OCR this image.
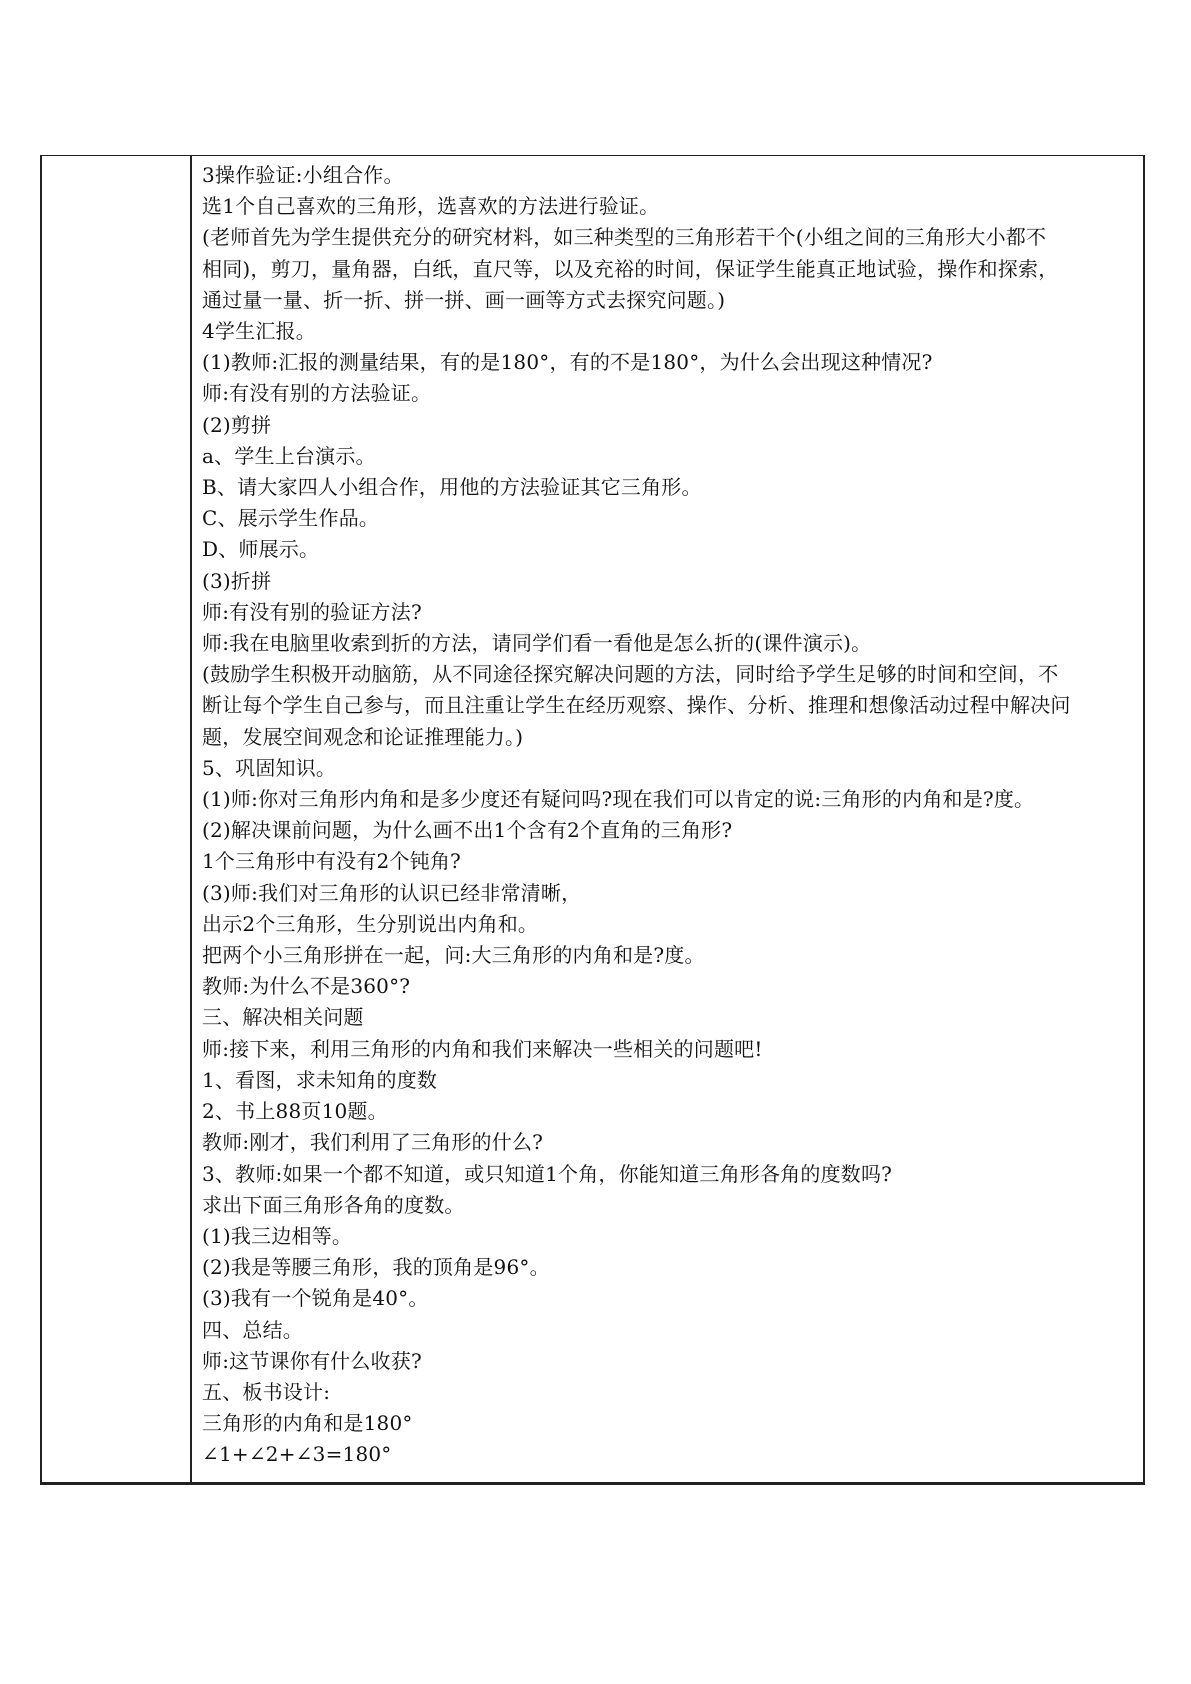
3操作验证:小组合作。
选1个自己喜欢的三角形，选喜欢的方法进行验证。
(老师首先为学生提供充分的研究材料，如三种类型的三角形若干个(小组之间的三角形大小都不
相同)，剪刀，量角器，白纸，直尺等，以及充裕的时间，保证学生能真正地试验，操作和探索，
通过量一量、折一折、拼一拼、画一画等方式去探究问题。)
4学生汇报。
(1)教师:汇报的测量结果，有的是180°，有的不是180°，为什么会出现这种情况?
师:有没有别的方法验证。
(2)剪拼
a、学生上台演示。
B、请大家四人小组合作，用他的方法验证其它三角形。
C、展示学生作品。
D、师展示。
(3)折拼
师:有没有别的验证方法?
师:我在电脑里收索到折的方法，请同学们看一看他是怎么折的(课件演示)。
(鼓励学生积极开动脑筋，从不同途径探究解决问题的方法，同时给予学生足够的时间和空间，不
断让每个学生自己参与，而且注重让学生在经历观察、操作、分析、推理和想像活动过程中解决问
题，发展空间观念和论证推理能力。)
5、巩固知识。
(1)师:你对三角形内角和是多少度还有疑问吗?现在我们可以肯定的说:三角形的内角和是?度。
(2)解决课前问题，为什么画不出1个含有2个直角的三角形?
1个三角形中有没有2个钝角?
(3)师:我们对三角形的认识已经非常清晰，
出示2个三角形，生分别说出内角和。
把两个小三角形拼在一起，问:大三角形的内角和是?度。
教师:为什么不是360°?
三、解决相关问题
师:接下来，利用三角形的内角和我们来解决一些相关的问题吧!
1、看图，求未知角的度数
2、书上88页10题。
教师:刚才，我们利用了三角形的什么?
3、教师:如果一个都不知道，或只知道1个角，你能知道三角形各角的度数吗?
求出下面三角形各角的度数。
(1)我三边相等。
(2)我是等腰三角形，我的顶角是96°。
(3)我有一个锐角是40°。
四、总结。
师:这节课你有什么收获?
五、板书设计:
三角形的内角和是180°
∠1+∠2+∠3=180°
